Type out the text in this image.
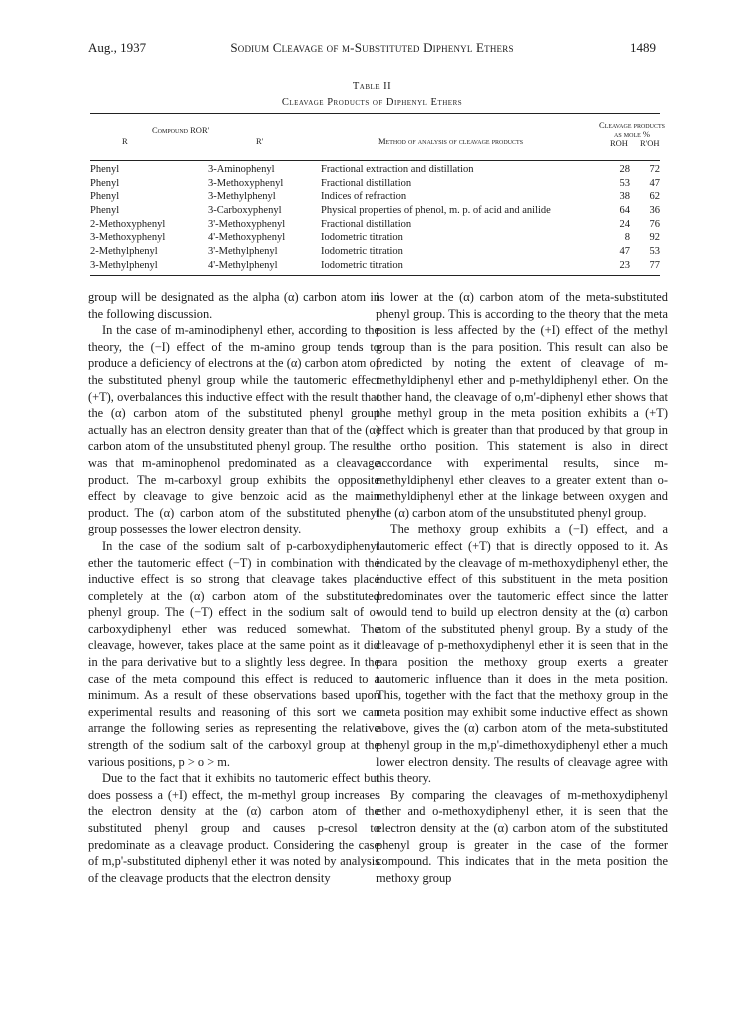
Aug., 1937	Sodium Cleavage of m-Substituted Diphenyl Ethers	1489
Table II
Cleavage Products of Diphenyl Ethers
Compound ROR'
R	R'	Method of analysis of cleavage products
Cleavage products
as mole %
ROH R'OH
Phenyl	3-Aminophenyl	Fractional extraction and distillation	28	72
Phenyl	3-Methoxyphenyl	Fractional distillation	53	47
Phenyl	3-Methylphenyl	Indices of refraction	38	62
Phenyl	3-Carboxyphenyl	Physical properties of phenol, m. p. of acid and anilide	64	36
2-Methoxyphenyl	3'-Methoxyphenyl	Fractional distillation	24	76
3-Methoxyphenyl	4'-Methoxyphenyl	Iodometric titration	8	92
2-Methylphenyl	3'-Methylphenyl	Iodometric titration	47	53
3-Methylphenyl	4'-Methylphenyl	Iodometric titration	23	77

group will be designated as the alpha (α) carbon atom in the following discussion.

In the case of m-aminodiphenyl ether, according to the theory, the (−I) effect of the m-amino group tends to produce a deficiency of electrons at the (α) carbon atom of the substituted phenyl group while the tautomeric effect (+T), overbalances this inductive effect with the result that the (α) carbon atom of the substituted phenyl group actually has an electron density greater than that of the (α) carbon atom of the unsubstituted phenyl group. The result was that m-aminophenol predominated as a cleavage product. The m-carboxyl group exhibits the opposite effect by cleavage to give benzoic acid as the main product. The (α) carbon atom of the substituted phenyl group possesses the lower electron density.

In the case of the sodium salt of p-carboxydiphenyl ether the tautomeric effect (−T) in combination with the inductive effect is so strong that cleavage takes place completely at the (α) carbon atom of the substituted phenyl group. The (−T) effect in the sodium salt of o-carboxydiphenyl ether was reduced somewhat. The cleavage, however, takes place at the same point as it did in the para derivative but to a slightly less degree. In the case of the meta compound this effect is reduced to a minimum. As a result of these observations based upon experimental results and reasoning of this sort we can arrange the following series as representing the relative strength of the sodium salt of the carboxyl group at the various positions, p > o > m.

Due to the fact that it exhibits no tautomeric effect but does possess a (+I) effect, the m-methyl group increases the electron density at the (α) carbon atom of the substituted phenyl group and causes p-cresol to predominate as a cleavage product. Considering the case of m,p'-substituted diphenyl ether it was noted by analysis of the cleavage products that the electron density

is lower at the (α) carbon atom of the meta-substituted phenyl group. This is according to the theory that the meta position is less affected by the (+I) effect of the methyl group than is the para position. This result can also be predicted by noting the extent of cleavage of m-methyldiphenyl ether and p-methyldiphenyl ether. On the other hand, the cleavage of o,m'-diphenyl ether shows that the methyl group in the meta position exhibits a (+T) effect which is greater than that produced by that group in the ortho position. This statement is also in direct accordance with experimental results, since m-methyldiphenyl ether cleaves to a greater extent than o-methyldiphenyl ether at the linkage between oxygen and the (α) carbon atom of the unsubstituted phenyl group.

The methoxy group exhibits a (−I) effect, and a tautomeric effect (+T) that is directly opposed to it. As indicated by the cleavage of m-methoxydiphenyl ether, the inductive effect of this substituent in the meta position predominates over the tautomeric effect since the latter would tend to build up electron density at the (α) carbon atom of the substituted phenyl group. By a study of the cleavage of p-methoxydiphenyl ether it is seen that in the para position the methoxy group exerts a greater tautomeric influence than it does in the meta position. This, together with the fact that the methoxy group in the meta position may exhibit some inductive effect as shown above, gives the (α) carbon atom of the meta-substituted phenyl group in the m,p'-dimethoxydiphenyl ether a much lower electron density. The results of cleavage agree with this theory.

By comparing the cleavages of m-methoxydiphenyl ether and o-methoxydiphenyl ether, it is seen that the electron density at the (α) carbon atom of the substituted phenyl group is greater in the case of the former compound. This indicates that in the meta position the methoxy group
